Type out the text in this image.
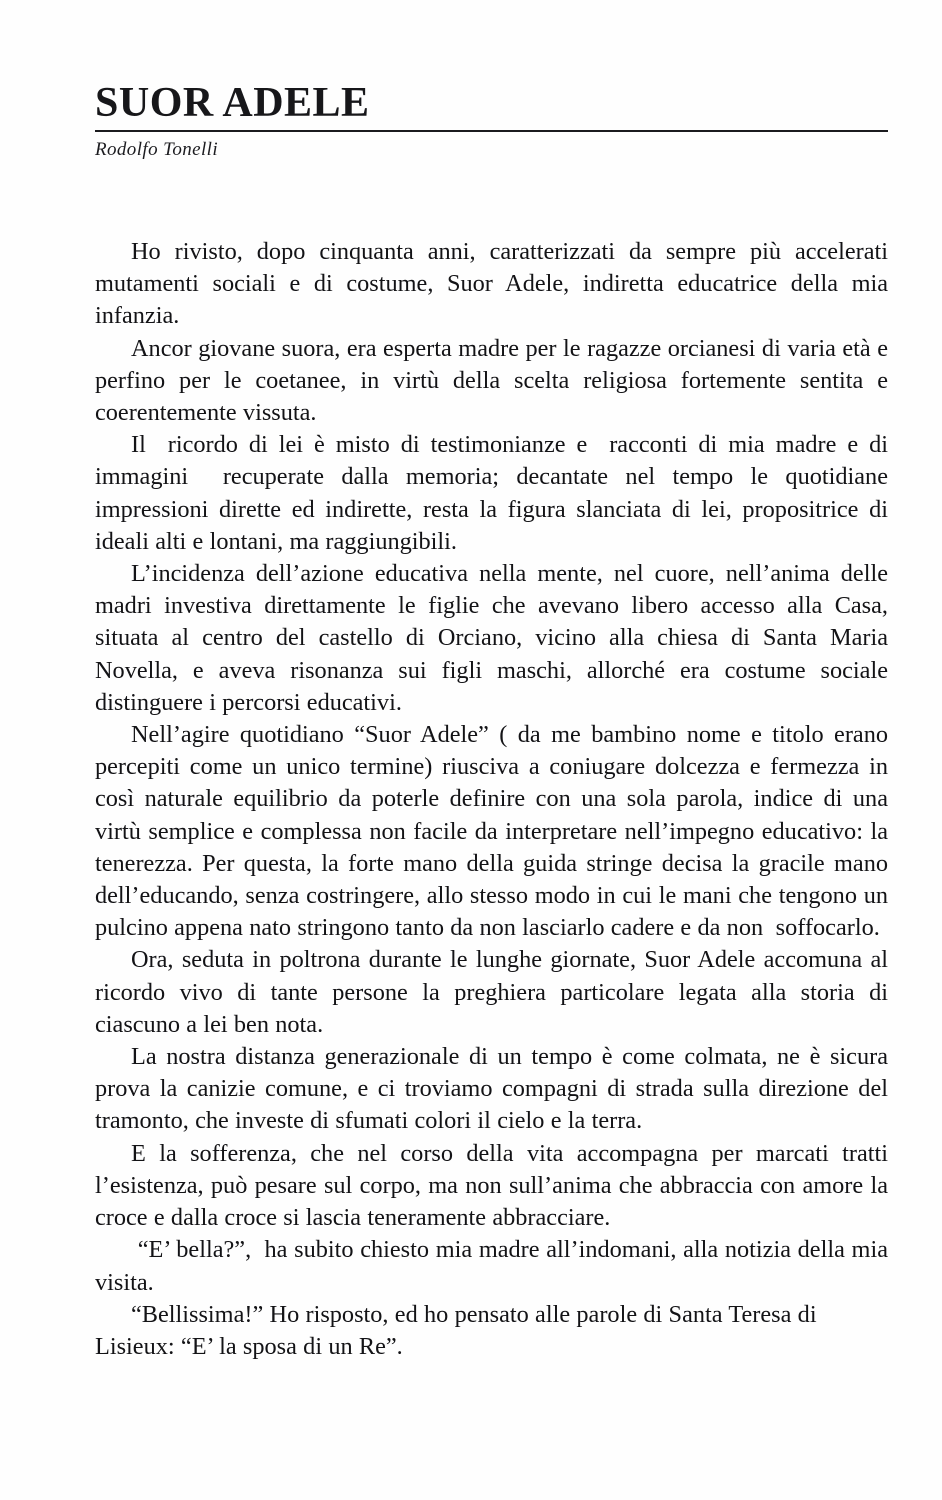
SUOR ADELE
Rodolfo Tonelli

Ho rivisto, dopo cinquanta anni, caratterizzati da sempre più accelerati mutamenti sociali e di costume, Suor Adele, indiretta educatrice della mia infanzia.

Ancor giovane suora, era esperta madre per le ragazze orcianesi di varia età e perfino per le coetanee, in virtù della scelta religiosa fortemente sentita e coerentemente vissuta.

Il  ricordo di lei è misto di testimonianze e  racconti di mia madre e di immagini  recuperate dalla memoria; decantate nel tempo le quotidiane impressioni dirette ed indirette, resta la figura slanciata di lei, propositrice di ideali alti e lontani, ma raggiungibili.

L’incidenza dell’azione educativa nella mente, nel cuore, nell’anima delle madri investiva direttamente le figlie che avevano libero accesso alla Casa, situata al centro del castello di Orciano, vicino alla chiesa di Santa Maria Novella, e aveva risonanza sui figli maschi, allorché era costume sociale distinguere i percorsi educativi.

Nell’agire quotidiano “Suor Adele” ( da me bambino nome e titolo erano percepiti come un unico termine) riusciva a coniugare dolcezza e fermezza in così naturale equilibrio da poterle definire con una sola parola, indice di una virtù semplice e complessa non facile da interpretare nell’impegno educativo: la tenerezza. Per questa, la forte mano della guida stringe decisa la gracile mano dell’educando, senza costringere, allo stesso modo in cui le mani che tengono un pulcino appena nato stringono tanto da non lasciarlo cadere e da non  soffocarlo.

Ora, seduta in poltrona durante le lunghe giornate, Suor Adele accomuna al ricordo vivo di tante persone la preghiera particolare legata alla storia di ciascuno a lei ben nota.

La nostra distanza generazionale di un tempo è come colmata, ne è sicura prova la canizie comune, e ci troviamo compagni di strada sulla direzione del tramonto, che investe di sfumati colori il cielo e la terra.

E la sofferenza, che nel corso della vita accompagna per marcati tratti l’esistenza, può pesare sul corpo, ma non sull’anima che abbraccia con amore la croce e dalla croce si lascia teneramente abbracciare.

“E’ bella?”,  ha subito chiesto mia madre all’indomani, alla notizia della mia visita.

“Bellissima!” Ho risposto, ed ho pensato alle parole di Santa Teresa di Lisieux: “E’ la sposa di un Re”.
